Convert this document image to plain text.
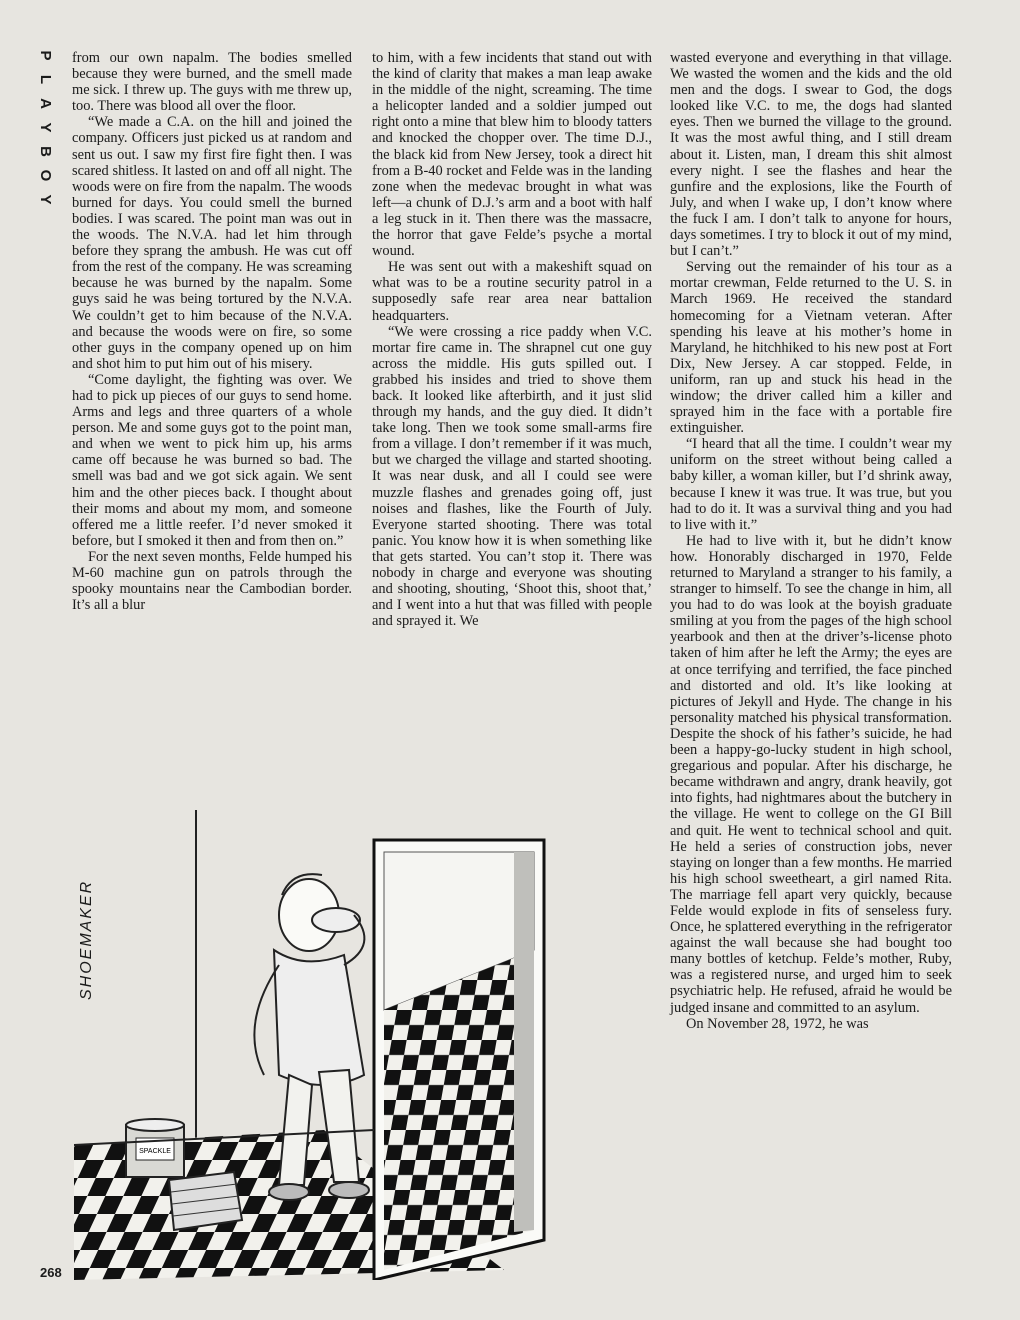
P
L
A
Y
B
O
Y

from our own napalm. The bodies smelled because they were burned, and the smell made me sick. I threw up. The guys with me threw up, too. There was blood all over the floor.

“We made a C.A. on the hill and joined the company. Officers just picked us at random and sent us out. I saw my first fire fight then. I was scared shitless. It lasted on and off all night. The woods were on fire from the napalm. The woods burned for days. You could smell the burned bodies. I was scared. The point man was out in the woods. The N.V.A. had let him through before they sprang the ambush. He was cut off from the rest of the company. He was screaming because he was burned by the napalm. Some guys said he was being tortured by the N.V.A. We couldn’t get to him because of the N.V.A. and because the woods were on fire, so some other guys in the company opened up on him and shot him to put him out of his misery.

“Come daylight, the fighting was over. We had to pick up pieces of our guys to send home. Arms and legs and three quarters of a whole person. Me and some guys got to the point man, and when we went to pick him up, his arms came off because he was burned so bad. The smell was bad and we got sick again. We sent him and the other pieces back. I thought about their moms and about my mom, and someone offered me a little reefer. I’d never smoked it before, but I smoked it then and from then on.”

For the next seven months, Felde humped his M-60 machine gun on patrols through the spooky mountains near the Cambodian border. It’s all a blur

to him, with a few incidents that stand out with the kind of clarity that makes a man leap awake in the middle of the night, screaming. The time a helicopter landed and a soldier jumped out right onto a mine that blew him to bloody tatters and knocked the chopper over. The time D.J., the black kid from New Jersey, took a direct hit from a B-40 rocket and Felde was in the landing zone when the medevac brought in what was left—a chunk of D.J.’s arm and a boot with half a leg stuck in it. Then there was the massacre, the horror that gave Felde’s psyche a mortal wound.

He was sent out with a makeshift squad on what was to be a routine security patrol in a supposedly safe rear area near battalion headquarters.

“We were crossing a rice paddy when V.C. mortar fire came in. The shrapnel cut one guy across the middle. His guts spilled out. I grabbed his insides and tried to shove them back. It looked like afterbirth, and it just slid through my hands, and the guy died. It didn’t take long. Then we took some small-arms fire from a village. I don’t remember if it was much, but we charged the village and started shooting. It was near dusk, and all I could see were muzzle flashes and grenades going off, just noises and flashes, like the Fourth of July. Everyone started shooting. There was total panic. You know how it is when something like that gets started. You can’t stop it. There was nobody in charge and everyone was shouting and shooting, shouting, ‘Shoot this, shoot that,’ and I went into a hut that was filled with people and sprayed it. We

wasted everyone and everything in that village. We wasted the women and the kids and the old men and the dogs. I swear to God, the dogs looked like V.C. to me, the dogs had slanted eyes. Then we burned the village to the ground. It was the most awful thing, and I still dream about it. Listen, man, I dream this shit almost every night. I see the flashes and hear the gunfire and the explosions, like the Fourth of July, and when I wake up, I don’t know where the fuck I am. I don’t talk to anyone for hours, days sometimes. I try to block it out of my mind, but I can’t.”

Serving out the remainder of his tour as a mortar crewman, Felde returned to the U. S. in March 1969. He received the standard homecoming for a Vietnam veteran. After spending his leave at his mother’s home in Maryland, he hitchhiked to his new post at Fort Dix, New Jersey. A car stopped. Felde, in uniform, ran up and stuck his head in the window; the driver called him a killer and sprayed him in the face with a portable fire extinguisher.

“I heard that all the time. I couldn’t wear my uniform on the street without being called a baby killer, a woman killer, but I’d shrink away, because I knew it was true. It was true, but you had to do it. It was a survival thing and you had to live with it.”

He had to live with it, but he didn’t know how. Honorably discharged in 1970, Felde returned to Maryland a stranger to his family, a stranger to himself. To see the change in him, all you had to do was look at the boyish graduate smiling at you from the pages of the high school yearbook and then at the driver’s-license photo taken of him after he left the Army; the eyes are at once terrifying and terrified, the face pinched and distorted and old. It’s like looking at pictures of Jekyll and Hyde. The change in his personality matched his physical transformation. Despite the shock of his father’s suicide, he had been a happy-go-lucky student in high school, gregarious and popular. After his discharge, he became withdrawn and angry, drank heavily, got into fights, had nightmares about the butchery in the village. He went to college on the GI Bill and quit. He went to technical school and quit. He held a series of construction jobs, never staying on longer than a few months. He married his high school sweetheart, a girl named Rita. The marriage fell apart very quickly, because Felde would explode in fits of senseless fury. Once, he splattered everything in the refrigerator against the wall because she had bought too many bottles of ketchup. Felde’s mother, Ruby, was a registered nurse, and urged him to seek psychiatric help. He refused, afraid he would be judged insane and committed to an asylum.

On November 28, 1972, he was

SPACKLE
SHOEMAKER
268
